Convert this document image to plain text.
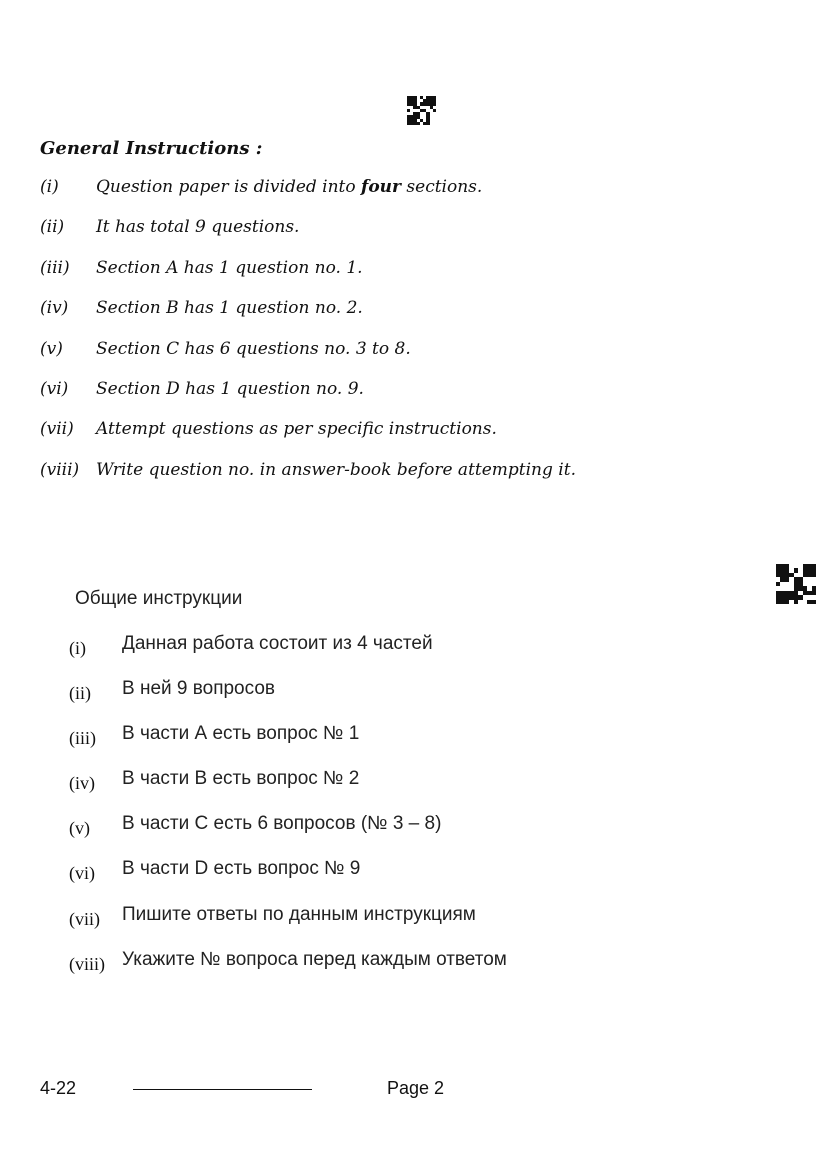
General Instructions :
(i) Question paper is divided into four sections.
(ii) It has total 9 questions.
(iii) Section A has 1 question no. 1.
(iv) Section B has 1 question no. 2.
(v) Section C has 6 questions no. 3 to 8.
(vi) Section D has 1 question no. 9.
(vii) Attempt questions as per specific instructions.
(viii) Write question no. in answer-book before attempting it.
Общие инструкции
(i) Данная работа состоит из 4 частей
(ii) В ней 9 вопросов
(iii) В части А есть вопрос № 1
(iv) В части В есть вопрос № 2
(v) В части С есть 6 вопросов (№ 3 – 8)
(vi) В части D есть вопрос № 9
(vii) Пишите ответы по данным инструкциям
(viii) Укажите № вопроса перед каждым ответом
4-22	Page 2
